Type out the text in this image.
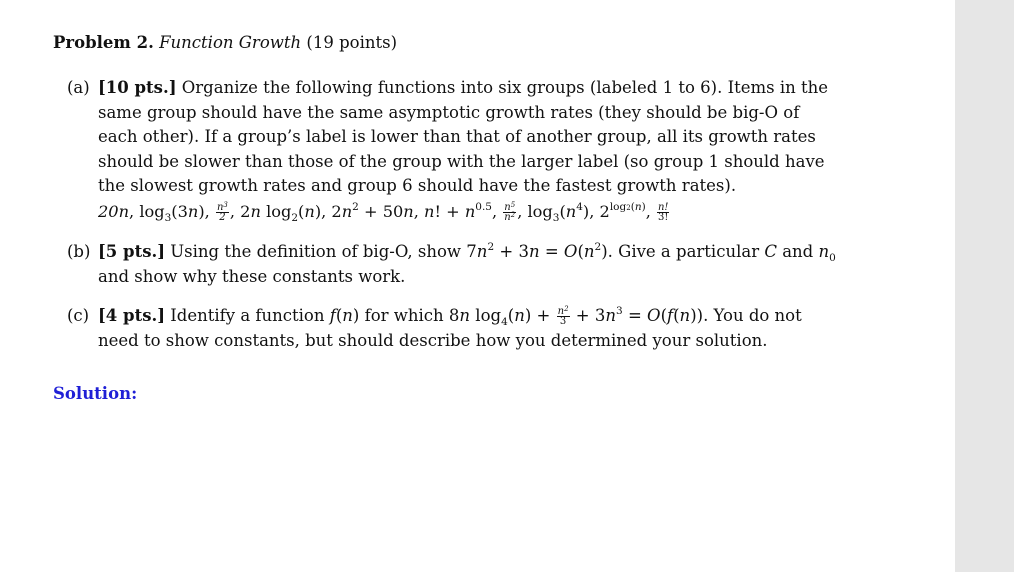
Problem 2. Function Growth (19 points)
(a) [10 pts.] Organize the following functions into six groups (labeled 1 to 6). Items in the same group should have the same asymptotic growth rates (they should be big-O of each other). If a group’s label is lower than that of another group, all its growth rates should be slower than those of the group with the larger label (so group 1 should have the slowest growth rates and group 6 should have the fastest growth rates).
20n, $\log_3(3n)$, $\frac{n^3}{2}$ , 2n $\log_2(n)$, $2n^2 + 50n$, n! + $n^{0.5}$, $\frac{n^5}{n^2}$ , $\log_3(n^4)$, $2^{log2(n)}$, $\frac{n!}{3!}$
(b) [5 pts.] Using the definition of big-O, show $7n^2 + 3n = O(n^2)$. Give a particular C and $n_0$ and show why these constants work.
(c) [4 pts.] Identify a function f(n) for which 8n $\log_4(n) + \frac{n^2}{3} + 3n^3 = O(f(n))$. You do not need to show constants, but should describe how you determined your solution.
Solution:
